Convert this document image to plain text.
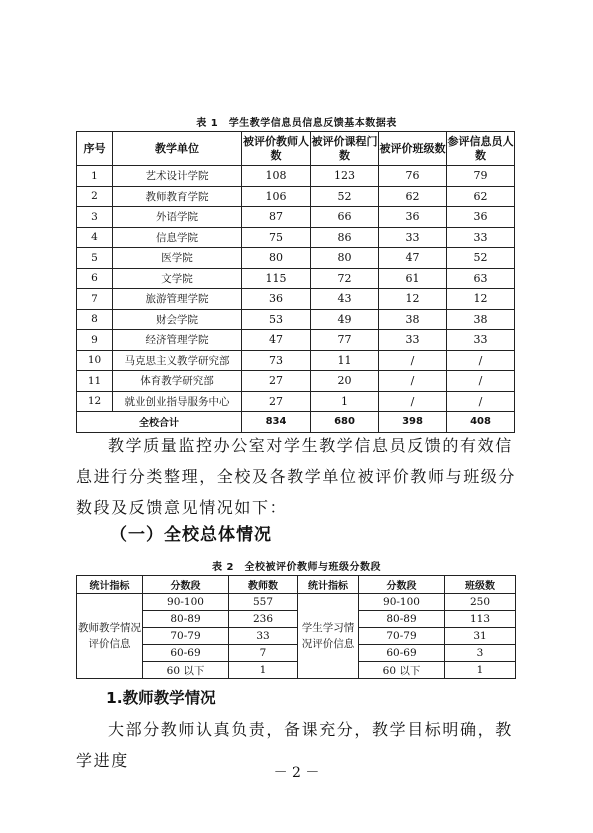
表 1　学生教学信息员信息反馈基本数据表
序号	教学单位	被评价教师人数	被评价课程门数	被评价班级数	参评信息员人数
1	艺术设计学院	108	123	76	79
2	教师教育学院	106	52	62	62
3	外语学院	87	66	36	36
4	信息学院	75	86	33	33
5	医学院	80	80	47	52
6	文学院	115	72	61	63
7	旅游管理学院	36	43	12	12
8	财会学院	53	49	38	38
9	经济管理学院	47	77	33	33
10	马克思主义教学研究部	73	11	/	/
11	体育教学研究部	27	20	/	/
12	就业创业指导服务中心	27	1	/	/
全校合计		834	680	398	408
教学质量监控办公室对学生教学信息员反馈的有效信息进行分类整理，全校及各教学单位被评价教师与班级分数段及反馈意见情况如下：
（一）全校总体情况
表 2　全校被评价教师与班级分数段
统计指标	分数段	教师数	统计指标	分数段	班级数
教师教学情况评价信息	90-100	557	学生学习情况评价信息	90-100	250
	80-89	236		80-89	113
	70-79	33		70-79	31
	60-69	7		60-69	3
	60 以下	1		60 以下	1
1.教师教学情况
大部分教师认真负责，备课充分，教学目标明确，教学进度
－ 2 －
